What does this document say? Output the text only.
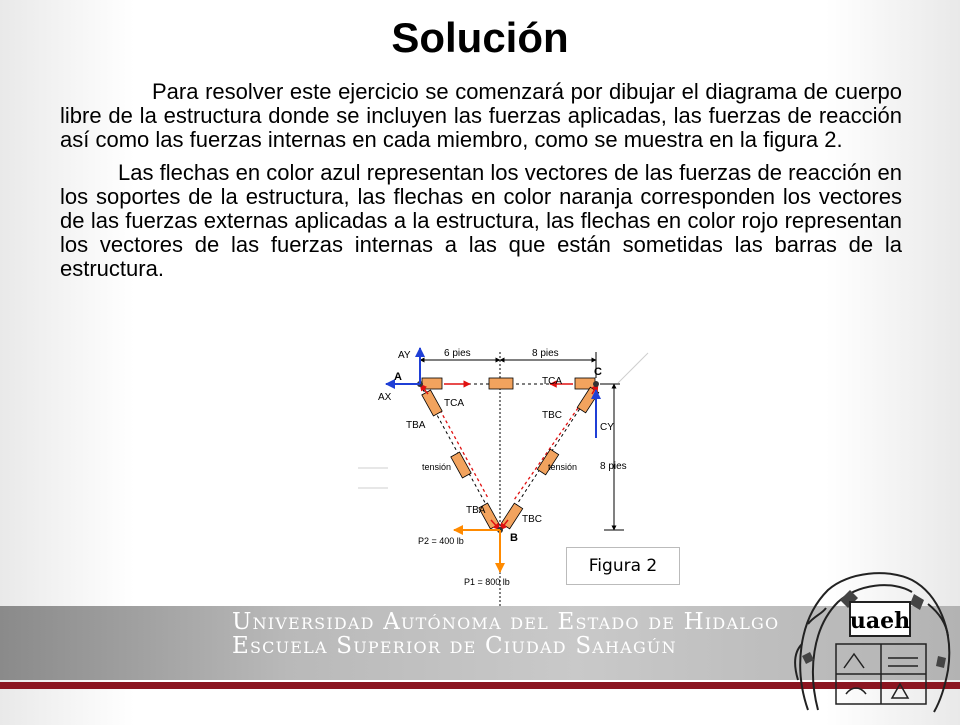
Solución

Para resolver este ejercicio se comenzará por dibujar el diagrama de cuerpo libre de la estructura donde se incluyen las fuerzas aplicadas, las fuerzas de reacción así como las fuerzas internas en cada miembro, como se muestra en la figura 2.

Las flechas en color azul representan los vectores de las fuerzas de reacción en los soportes de la estructura, las flechas en color naranja corresponden los vectores de las fuerzas externas aplicadas a la estructura, las flechas en color rojo representan los vectores de las fuerzas internas a las que están sometidas las barras de la estructura.

6 pies	8 pies
8 pies
AY
AX
A	C
B
TCA
TBA
TCA
TBC
CY
TBA
TBC
tensión	tensión
P2 = 400 lb
P1 = 800 lb
Figura 2
Universidad Autónoma del Estado de Hidalgo
Escuela Superior de Ciudad Sahagún
uaeh
